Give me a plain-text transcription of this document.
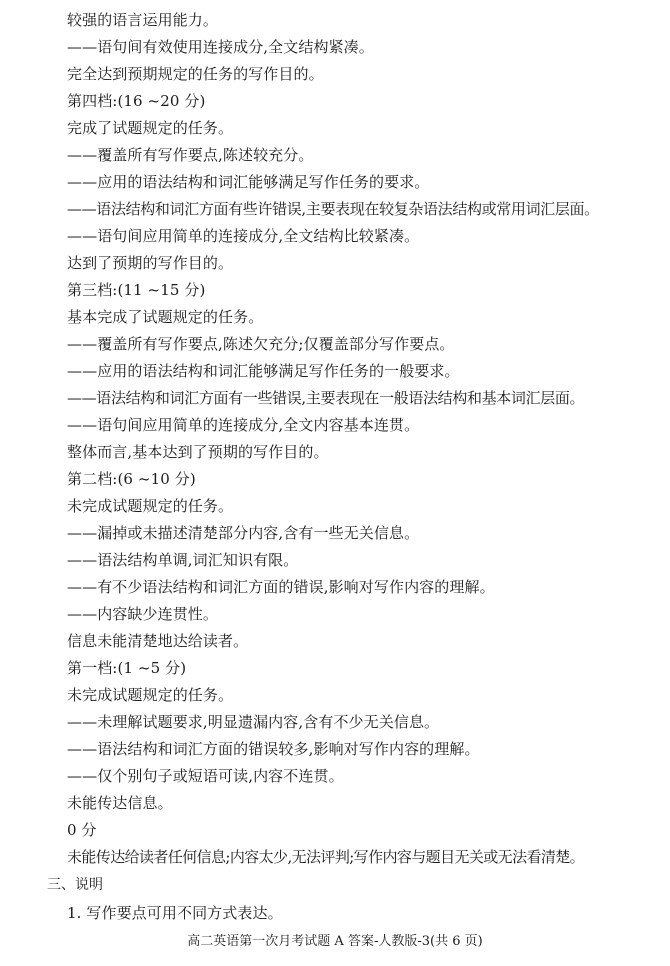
较强的语言运用能力。
——语句间有效使用连接成分,全文结构紧凑。
完全达到预期规定的任务的写作目的。
第四档:(16 ~20 分)
完成了试题规定的任务。
——覆盖所有写作要点,陈述较充分。
——应用的语法结构和词汇能够满足写作任务的要求。
——语法结构和词汇方面有些许错误,主要表现在较复杂语法结构或常用词汇层面。
——语句间应用简单的连接成分,全文结构比较紧凑。
达到了预期的写作目的。
第三档:(11 ~15 分)
基本完成了试题规定的任务。
——覆盖所有写作要点,陈述欠充分;仅覆盖部分写作要点。
——应用的语法结构和词汇能够满足写作任务的一般要求。
——语法结构和词汇方面有一些错误,主要表现在一般语法结构和基本词汇层面。
——语句间应用简单的连接成分,全文内容基本连贯。
整体而言,基本达到了预期的写作目的。
第二档:(6 ~10 分)
未完成试题规定的任务。
——漏掉或未描述清楚部分内容,含有一些无关信息。
——语法结构单调,词汇知识有限。
——有不少语法结构和词汇方面的错误,影响对写作内容的理解。
——内容缺少连贯性。
信息未能清楚地达给读者。
第一档:(1 ~5 分)
未完成试题规定的任务。
——未理解试题要求,明显遗漏内容,含有不少无关信息。
——语法结构和词汇方面的错误较多,影响对写作内容的理解。
——仅个别句子或短语可读,内容不连贯。
未能传达信息。
0 分
未能传达给读者任何信息;内容太少,无法评判;写作内容与题目无关或无法看清楚。
三、说明
1. 写作要点可用不同方式表达。
高二英语第一次月考试题 A 答案-人教版-3(共 6 页)
